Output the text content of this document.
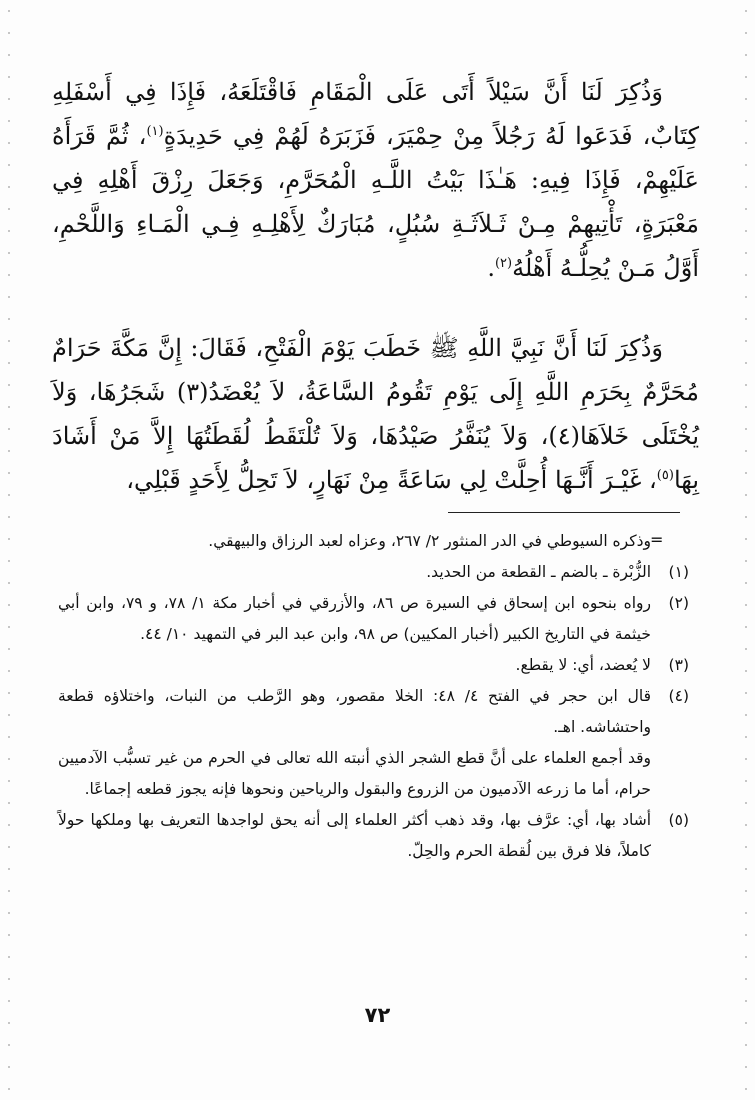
وَذُكِرَ لَنَا أَنَّ سَيْلاً أَتَى عَلَى الْمَقَامِ فَاقْتَلَعَهُ، فَإِذَا فِي أَسْفَلِهِ كِتَابٌ، فَدَعَوا لَهُ رَجُلاً مِنْ حِمْيَرَ، فَزَبَرَهُ لَهُمْ فِي حَدِيدَةٍ$^{(١)}$، ثُمَّ قَرَأَهُ عَلَيْهِمْ، فَإِذَا فِيهِ: هَـٰذَا بَيْتُ اللَّـهِ الْمُحَرَّمِ، وَجَعَلَ رِزْقَ أَهْلِهِ فِي مَعْبَرَةٍ، تَأْتِيهِمْ مِـنْ ثَـلاَثَـةِ سُبُلٍ، مُبَارَكٌ لِأَهْلِـهِ فِـي الْمَـاءِ وَاللَّحْمِ، أَوَّلُ مَـنْ يُحِلُّـهُ أَهْلُهُ$^{(٢)}$.

وَذُكِرَ لَنَا أَنَّ نَبِيَّ اللَّهِ ﷺ خَطَبَ يَوْمَ الْفَتْحِ، فَقَالَ: إِنَّ مَكَّةَ حَرَامٌ مُحَرَّمٌ بِحَرَمِ اللَّهِ إِلَى يَوْمِ تَقُومُ السَّاعَةُ، لاَ يُعْضَدُ(٣) شَجَرُهَا، وَلاَ يُخْتَلَى خَلاَهَا(٤)، وَلاَ يُنَفَّرُ صَيْدُهَا، وَلاَ تُلْتَقَطُ لُقَطَتُهَا إِلاَّ مَنْ أَشَادَ بِهَا$^{(٥)}$، غَيْـرَ أَنَّـهَا أُحِلَّتْ لِي سَاعَةً مِنْ نَهَارٍ، لاَ تَحِلُّ لِأَحَدٍ قَبْلِي،

=

وذكره السيوطي في الدر المنثور ٢/ ٢٦٧، وعزاه لعبد الرزاق والبيهقي.

(١)
الزُّبْرة ـ بالضم ـ القطعة من الحديد.
(٢)
رواه بنحوه ابن إسحاق في السيرة ص ٨٦، والأزرقي في أخبار مكة ١/ ٧٨، و ٧٩، وابن أبي خيثمة في التاريخ الكبير (أخبار المكيين) ص ٩٨، وابن عبد البر في التمهيد ١٠/ ٤٤.
(٣)
لا يُعضد، أي: لا يقطع.
(٤)
قال ابن حجر في الفتح ٤/ ٤٨: الخلا مقصور، وهو الرَّطب من النبات، واختلاؤه قطعة واحتشاشه. اهـ.

وقد أجمع العلماء على أنَّ قطع الشجر الذي أنبته الله تعالى في الحرم من غير تسبُّب الآدميين حرام، أما ما زرعه الآدميون من الزروع والبقول والرياحين ونحوها فإنه يجوز قطعه إجماعًا.

(٥)
أشاد بها، أي: عرَّف بها، وقد ذهب أكثر العلماء إلى أنه يحق لواجدها التعريف بها وملكها حولاً كاملاً، فلا فرق بين لُقطة الحرم والحِلّ.
٧٢
